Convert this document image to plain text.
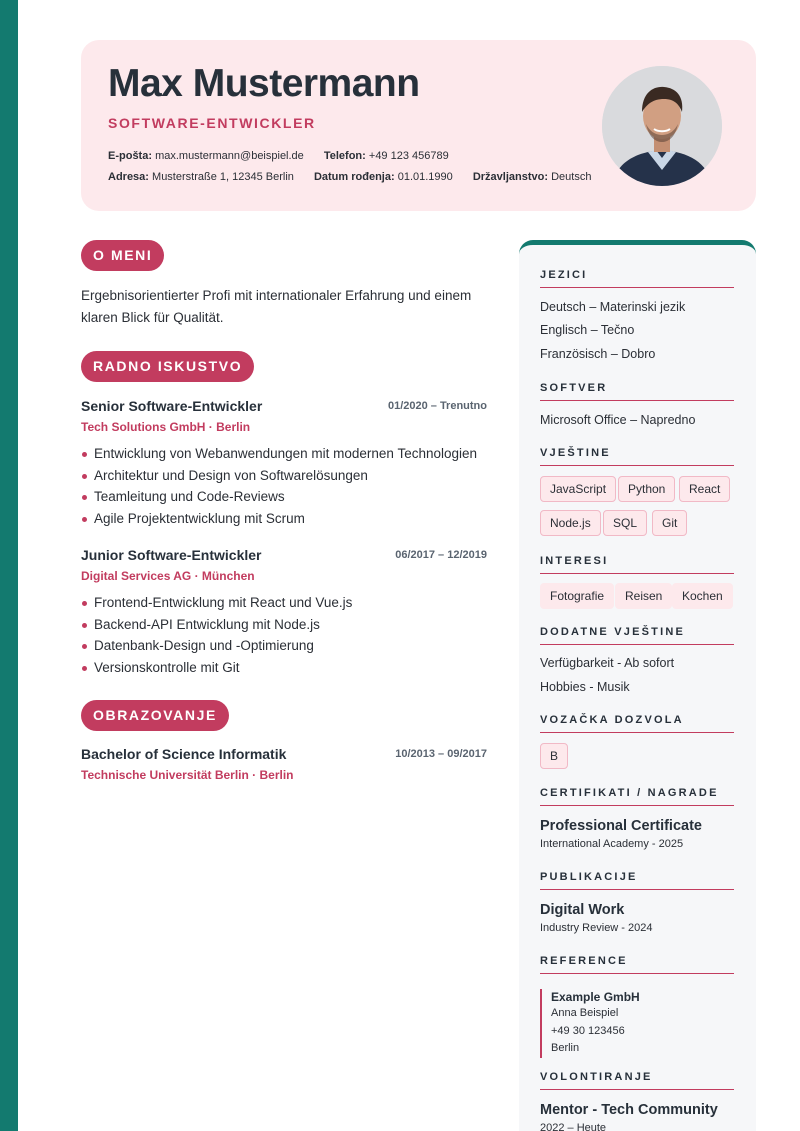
Max Mustermann
SOFTWARE-ENTWICKLER
E-pošta: max.mustermann@beispiel.de Telefon: +49 123 456789
Adresa: Musterstraße 1, 12345 Berlin Datum rođenja: 01.01.1990 Državljanstvo: Deutsch
O MENI
Ergebnisorientierter Profi mit internationaler Erfahrung und einem klaren Blick für Qualität.
RADNO ISKUSTVO
Senior Software-Entwickler	01/2020 – Trenutno
Tech Solutions GmbH · Berlin
Entwicklung von Webanwendungen mit modernen Technologien
Architektur und Design von Softwarelösungen
Teamleitung und Code-Reviews
Agile Projektentwicklung mit Scrum
Junior Software-Entwickler	06/2017 – 12/2019
Digital Services AG · München
Frontend-Entwicklung mit React und Vue.js
Backend-API Entwicklung mit Node.js
Datenbank-Design und -Optimierung
Versionskontrolle mit Git
OBRAZOVANJE
Bachelor of Science Informatik	10/2013 – 09/2017
Technische Universität Berlin · Berlin
JEZICI
Deutsch – Materinski jezik
Englisch – Tečno
Französisch – Dobro
SOFTVER
Microsoft Office – Napredno
VJEŠTINE
JavaScript	Python	React
Node.js	SQL	Git
INTERESI
Fotografie	Reisen	Kochen
DODATNE VJEŠTINE
Verfügbarkeit - Ab sofort
Hobbies - Musik
VOZAČKA DOZVOLA
B
CERTIFIKATI / NAGRADE
Professional Certificate
International Academy - 2025
PUBLIKACIJE
Digital Work
Industry Review - 2024
REFERENCE
Example GmbH
Anna Beispiel
+49 30 123456
Berlin
VOLONTIRANJE
Mentor - Tech Community
2022 – Heute
